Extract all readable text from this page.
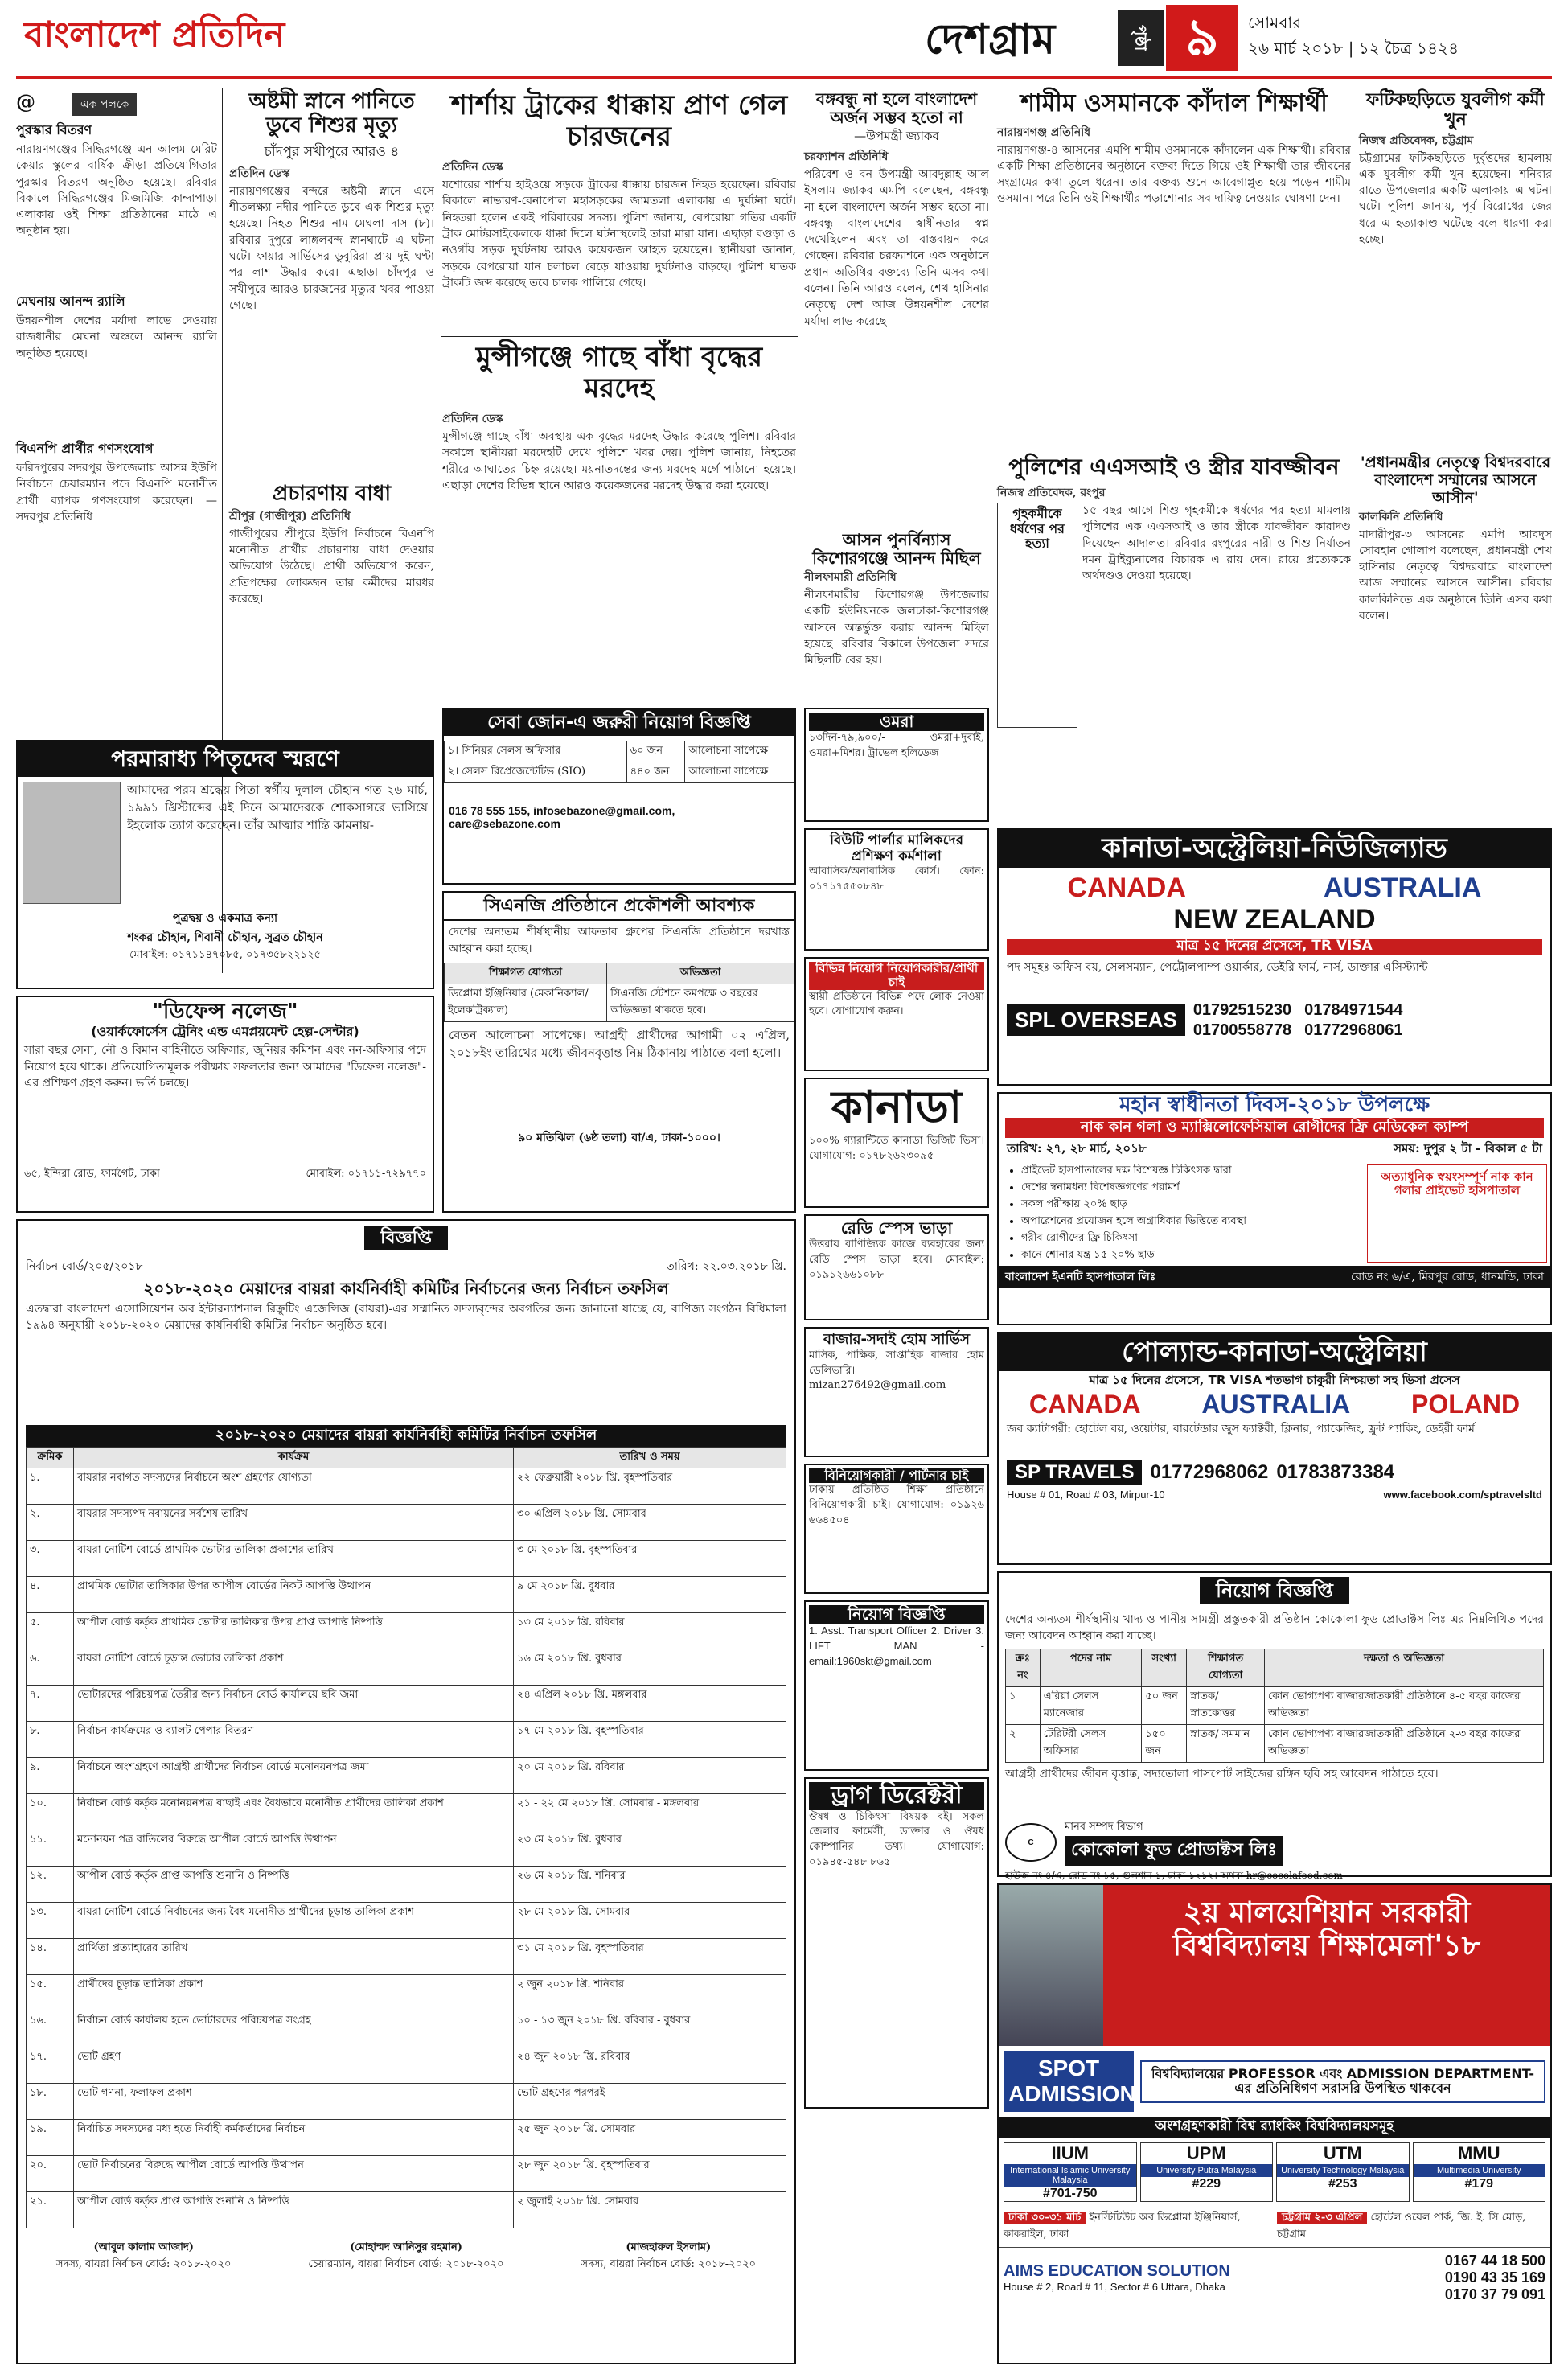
বাংলাদেশ প্রতিদিন	দেশগ্রাম	পৃষ্ঠা ৯	সোমবার
২৬ মার্চ ২০১৮ | ১২ চৈত্র ১৪২৪
@	এক পলকে
পুরস্কার বিতরণ
নারায়ণগঞ্জের সিদ্ধিরগঞ্জে এন আলম মেরিট কেয়ার স্কুলের বার্ষিক ক্রীড়া প্রতিযোগিতার পুরস্কার বিতরণ অনুষ্ঠিত হয়েছে। রবিবার বিকালে সিদ্ধিরগঞ্জের মিজমিজি কান্দাপাড়া এলাকায় ওই শিক্ষা প্রতিষ্ঠানের মাঠে এ অনুষ্ঠান হয়।
মেঘনায় আনন্দ র‌্যালি
উন্নয়নশীল দেশের মর্যাদা লাভে দেওয়ায় রাজধানীর মেঘনা অঞ্চলে আনন্দ র‌্যালি অনুষ্ঠিত হয়েছে।
বিএনপি প্রার্থীর গণসংযোগ
ফরিদপুরের সদরপুর উপজেলায় আসন্ন ইউপি নির্বাচনে চেয়ারম্যান পদে বিএনপি মনোনীত প্রার্থী ব্যাপক গণসংযোগ করেছেন। — সদরপুর প্রতিনিধি
অষ্টমী স্নানে পানিতে ডুবে শিশুর মৃত্যু
চাঁদপুর সখীপুরে আরও ৪
প্রতিদিন ডেস্ক
নারায়ণগঞ্জের বন্দরে অষ্টমী স্নানে এসে শীতলক্ষ্যা নদীর পানিতে ডুবে এক শিশুর মৃত্যু হয়েছে। নিহত শিশুর নাম মেঘলা দাস (৮)। রবিবার দুপুরে লাঙ্গলবন্দ স্নানঘাটে এ ঘটনা ঘটে। ফায়ার সার্ভিসের ডুবুরিরা প্রায় দুই ঘণ্টা পর লাশ উদ্ধার করে। এছাড়া চাঁদপুর ও সখীপুরে আরও চারজনের মৃত্যুর খবর পাওয়া গেছে।
প্রচারণায় বাধা
শ্রীপুর (গাজীপুর) প্রতিনিধি
গাজীপুরের শ্রীপুরে ইউপি নির্বাচনে বিএনপি মনোনীত প্রার্থীর প্রচারণায় বাধা দেওয়ার অভিযোগ উঠেছে। প্রার্থী অভিযোগ করেন, প্রতিপক্ষের লোকজন তার কর্মীদের মারধর করেছে।
শার্শায় ট্রাকের ধাক্কায় প্রাণ গেল চারজনের
প্রতিদিন ডেস্ক
যশোরের শার্শায় হাইওয়ে সড়কে ট্রাকের ধাক্কায় চারজন নিহত হয়েছেন। রবিবার বিকালে নাভারণ-বেনাপোল মহাসড়কের জামতলা এলাকায় এ দুর্ঘটনা ঘটে। নিহতরা হলেন একই পরিবারের সদস্য। পুলিশ জানায়, বেপরোয়া গতির একটি ট্রাক মোটরসাইকেলকে ধাক্কা দিলে ঘটনাস্থলেই তারা মারা যান। এছাড়া বগুড়া ও নওগাঁয় সড়ক দুর্ঘটনায় আরও কয়েকজন আহত হয়েছেন। স্থানীয়রা জানান, সড়কে বেপরোয়া যান চলাচল বেড়ে যাওয়ায় দুর্ঘটনাও বাড়ছে। পুলিশ ঘাতক ট্রাকটি জব্দ করেছে তবে চালক পালিয়ে গেছে।
মুন্সীগঞ্জে গাছে বাঁধা বৃদ্ধের মরদেহ
প্রতিদিন ডেস্ক
মুন্সীগঞ্জে গাছে বাঁধা অবস্থায় এক বৃদ্ধের মরদেহ উদ্ধার করেছে পুলিশ। রবিবার সকালে স্থানীয়রা মরদেহটি দেখে পুলিশে খবর দেয়। পুলিশ জানায়, নিহতের শরীরে আঘাতের চিহ্ন রয়েছে। ময়নাতদন্তের জন্য মরদেহ মর্গে পাঠানো হয়েছে। এছাড়া দেশের বিভিন্ন স্থানে আরও কয়েকজনের মরদেহ উদ্ধার করা হয়েছে।
বঙ্গবন্ধু না হলে বাংলাদেশ অর্জন সম্ভব হতো না
—উপমন্ত্রী জ্যাকব
চরফ্যাশন প্রতিনিধি
পরিবেশ ও বন উপমন্ত্রী আবদুল্লাহ আল ইসলাম জ্যাকব এমপি বলেছেন, বঙ্গবন্ধু না হলে বাংলাদেশ অর্জন সম্ভব হতো না। বঙ্গবন্ধু বাংলাদেশের স্বাধীনতার স্বপ্ন দেখেছিলেন এবং তা বাস্তবায়ন করে গেছেন। রবিবার চরফ্যাশনে এক অনুষ্ঠানে প্রধান অতিথির বক্তব্যে তিনি এসব কথা বলেন। তিনি আরও বলেন, শেখ হাসিনার নেতৃত্বে দেশ আজ উন্নয়নশীল দেশের মর্যাদা লাভ করেছে।
আসন পুনর্বিন্যাস কিশোরগঞ্জে আনন্দ মিছিল
নীলফামারী প্রতিনিধি
নীলফামারীর কিশোরগঞ্জ উপজেলার একটি ইউনিয়নকে জলঢাকা-কিশোরগঞ্জ আসনে অন্তর্ভুক্ত করায় আনন্দ মিছিল হয়েছে। রবিবার বিকালে উপজেলা সদরে মিছিলটি বের হয়।
শামীম ওসমানকে কাঁদাল শিক্ষার্থী
নারায়ণগঞ্জ প্রতিনিধি
নারায়ণগঞ্জ-৪ আসনের এমপি শামীম ওসমানকে কাঁদালেন এক শিক্ষার্থী। রবিবার একটি শিক্ষা প্রতিষ্ঠানের অনুষ্ঠানে বক্তব্য দিতে গিয়ে ওই শিক্ষার্থী তার জীবনের সংগ্রামের কথা তুলে ধরেন। তার বক্তব্য শুনে আবেগাপ্লুত হয়ে পড়েন শামীম ওসমান। পরে তিনি ওই শিক্ষার্থীর পড়াশোনার সব দায়িত্ব নেওয়ার ঘোষণা দেন।
ফটিকছড়িতে যুবলীগ কর্মী খুন
নিজস্ব প্রতিবেদক, চট্টগ্রাম
চট্টগ্রামের ফটিকছড়িতে দুর্বৃত্তদের হামলায় এক যুবলীগ কর্মী খুন হয়েছেন। শনিবার রাতে উপজেলার একটি এলাকায় এ ঘটনা ঘটে। পুলিশ জানায়, পূর্ব বিরোধের জের ধরে এ হত্যাকাণ্ড ঘটেছে বলে ধারণা করা হচ্ছে।
পুলিশের এএসআই ও স্ত্রীর যাবজ্জীবন
নিজস্ব প্রতিবেদক, রংপুর
গৃহকর্মীকে ধর্ষণের পর হত্যা
১৫ বছর আগে শিশু গৃহকর্মীকে ধর্ষণের পর হত্যা মামলায় পুলিশের এক এএসআই ও তার স্ত্রীকে যাবজ্জীবন কারাদণ্ড দিয়েছেন আদালত। রবিবার রংপুরের নারী ও শিশু নির্যাতন দমন ট্রাইব্যুনালের বিচারক এ রায় দেন। রায়ে প্রত্যেককে অর্থদণ্ডও দেওয়া হয়েছে।
'প্রধানমন্ত্রীর নেতৃত্বে বিশ্বদরবারে বাংলাদেশ সম্মানের আসনে আসীন'
কালকিনি প্রতিনিধি
মাদারীপুর-৩ আসনের এমপি আবদুস সোবহান গোলাপ বলেছেন, প্রধানমন্ত্রী শেখ হাসিনার নেতৃত্বে বিশ্বদরবারে বাংলাদেশ আজ সম্মানের আসনে আসীন। রবিবার কালকিনিতে এক অনুষ্ঠানে তিনি এসব কথা বলেন।
পরমারাধ্য পিতৃদেব স্মরণে
আমাদের পরম শ্রদ্ধেয় পিতা স্বর্গীয় দুলাল চৌহান গত ২৬ মার্চ, ১৯৯১ খ্রিস্টাব্দের এই দিনে আমাদেরকে শোকসাগরে ভাসিয়ে ইহলোক ত্যাগ করেছেন। তাঁর আত্মার শান্তি কামনায়-
পুত্রদ্বয় ও একমাত্র কন্যা
শংকর চৌহান, শিবানী চৌহান, সুব্রত চৌহান
মোবাইল: ০১৭১১৪৭০৮৫, ০১৭৩৫৮২২১২৫
"ডিফেন্স নলেজ"
(ওয়ার্কফোর্সেস ট্রেনিং এন্ড এমপ্লয়মেন্ট হেল্প-সেন্টার)
সারা বছর সেনা, নৌ ও বিমান বাহিনীতে অফিসার, জুনিয়র কমিশন এবং নন-অফিসার পদে নিয়োগ হয়ে থাকে। প্রতিযোগিতামূলক পরীক্ষায় সফলতার জন্য আমাদের "ডিফেন্স নলেজ"-এর প্রশিক্ষণ গ্রহণ করুন। ভর্তি চলছে।
৬৫, ইন্দিরা রোড, ফার্মগেট, ঢাকা	মোবাইল: ০১৭১১-৭২৯৭৭০
সেবা জোন-এ জরুরী নিয়োগ বিজ্ঞপ্তি
১। সিনিয়র সেলস অফিসার	৬০ জন	আলোচনা সাপেক্ষে
২। সেলস রিপ্রেজেন্টেটিভ (SIO)	৪৪০ জন	আলোচনা সাপেক্ষে
016 78 555 155, infosebazone@gmail.com, care@sebazone.com
সিএনজি প্রতিষ্ঠানে প্রকৌশলী আবশ্যক
দেশের অন্যতম শীর্ষস্থানীয় আফতাব গ্রুপের সিএনজি প্রতিষ্ঠানে দরখাস্ত আহ্বান করা হচ্ছে।
শিক্ষাগত যোগ্যতা	অভিজ্ঞতা
ডিপ্লোমা ইঞ্জিনিয়ার (মেকানিক্যাল/ইলেকট্রিক্যাল)	সিএনজি স্টেশনে কমপক্ষে ৩ বছরের অভিজ্ঞতা থাকতে হবে।
বেতন আলোচনা সাপেক্ষে। আগ্রহী প্রার্থীদের আগামী ০২ এপ্রিল, ২০১৮ইং তারিখের মধ্যে জীবনবৃত্তান্ত নিম্ন ঠিকানায় পাঠাতে বলা হলো।
৯০ মতিঝিল (৬ষ্ঠ তলা) বা/এ, ঢাকা-১০০০।
ওমরা
১৩দিন-৭৯,৯০০/- ওমরা+দুবাই, ওমরা+মিশর। ট্রাভেল হলিডেজ
বিউটি পার্লার মালিকদের প্রশিক্ষণ কর্মশালা
আবাসিক/অনাবাসিক কোর্স। ফোন: ০১৭১৭৫৫০৮৪৮
বিভিন্ন নিয়োগ নিয়োগকারীর/প্রার্থী চাই
স্থায়ী প্রতিষ্ঠানে বিভিন্ন পদে লোক নেওয়া হবে। যোগাযোগ করুন।
কানাডা
১০০% গ্যারান্টিতে কানাডা ভিজিট ভিসা। যোগাযোগ: ০১৭৮২৬২৩০৯৫
রেডি স্পেস ভাড়া
উত্তরায় বাণিজ্যিক কাজে ব্যবহারের জন্য রেডি স্পেস ভাড়া হবে। মোবাইল: ০১৯১২৬৬১০৮৮
বাজার-সদাই হোম সার্ভিস
মাসিক, পাক্ষিক, সাপ্তাহিক বাজার হোম ডেলিভারি। mizan276492@gmail.com
বিনিয়োগকারী / পার্টনার চাই
ঢাকায় প্রতিষ্ঠিত শিক্ষা প্রতিষ্ঠানে বিনিয়োগকারী চাই। যোগাযোগ: ০১৯২৬ ৬৬৪৫০৪
নিয়োগ বিজ্ঞপ্তি
1. Asst. Transport Officer 2. Driver 3. LIFT MAN - email:1960skt@gmail.com
ড্রাগ ডিরেক্টরী
ঔষধ ও চিকিৎসা বিষয়ক বই। সকল জেলার ফার্মেসী, ডাক্তার ও ঔষধ কোম্পানির তথ্য। যোগাযোগ: ০১৯৪৫-৫৪৮ ৮৬৫
বিজ্ঞপ্তি
নির্বাচন বোর্ড/২০৫/২০১৮	তারিখ: ২২.০৩.২০১৮ খ্রি.
২০১৮-২০২০ মেয়াদের বায়রা কার্যনির্বাহী কমিটির নির্বাচনের জন্য নির্বাচন তফসিল
এতদ্বারা বাংলাদেশ এসোসিয়েশন অব ইন্টারন্যাশনাল রিক্রুটিং এজেন্সিজ (বায়রা)-এর সম্মানিত সদস্যবৃন্দের অবগতির জন্য জানানো যাচ্ছে যে, বাণিজ্য সংগঠন বিধিমালা ১৯৯৪ অনুযায়ী ২০১৮-২০২০ মেয়াদের কার্যনির্বাহী কমিটির নির্বাচন অনুষ্ঠিত হবে।
২০১৮-২০২০ মেয়াদের বায়রা কার্যনির্বাহী কমিটির নির্বাচন তফসিল
ক্রমিক	কার্যক্রম	তারিখ ও সময়
১.	বায়রার নবাগত সদস্যদের নির্বাচনে অংশ গ্রহণের যোগ্যতা	২২ ফেব্রুয়ারী ২০১৮ খ্রি. বৃহস্পতিবার
২.	বায়রার সদস্যপদ নবায়নের সর্বশেষ তারিখ	৩০ এপ্রিল ২০১৮ খ্রি. সোমবার
৩.	বায়রা নোটিশ বোর্ডে প্রাথমিক ভোটার তালিকা প্রকাশের তারিখ	৩ মে ২০১৮ খ্রি. বৃহস্পতিবার
৪.	প্রাথমিক ভোটার তালিকার উপর আপীল বোর্ডের নিকট আপত্তি উত্থাপন	৯ মে ২০১৮ খ্রি. বুধবার
৫.	আপীল বোর্ড কর্তৃক প্রাথমিক ভোটার তালিকার উপর প্রাপ্ত আপত্তি নিষ্পত্তি	১৩ মে ২০১৮ খ্রি. রবিবার
৬.	বায়রা নোটিশ বোর্ডে চূড়ান্ত ভোটার তালিকা প্রকাশ	১৬ মে ২০১৮ খ্রি. বুধবার
৭.	ভোটারদের পরিচয়পত্র তৈরীর জন্য নির্বাচন বোর্ড কার্যালয়ে ছবি জমা	২৪ এপ্রিল ২০১৮ খ্রি. মঙ্গলবার
৮.	নির্বাচন কার্যক্রমের ও ব্যালট পেপার বিতরণ	১৭ মে ২০১৮ খ্রি. বৃহস্পতিবার
৯.	নির্বাচনে অংশগ্রহণে আগ্রহী প্রার্থীদের নির্বাচন বোর্ডে মনোনয়নপত্র জমা	২০ মে ২০১৮ খ্রি. রবিবার
১০.	নির্বাচন বোর্ড কর্তৃক মনোনয়নপত্র বাছাই এবং বৈধভাবে মনোনীত প্রার্থীদের তালিকা প্রকাশ	২১ - ২২ মে ২০১৮ খ্রি. সোমবার - মঙ্গলবার
১১.	মনোনয়ন পত্র বাতিলের বিরুদ্ধে আপীল বোর্ডে আপত্তি উত্থাপন	২৩ মে ২০১৮ খ্রি. বুধবার
১২.	আপীল বোর্ড কর্তৃক প্রাপ্ত আপত্তি শুনানি ও নিষ্পত্তি	২৬ মে ২০১৮ খ্রি. শনিবার
১৩.	বায়রা নোটিশ বোর্ডে নির্বাচনের জন্য বৈধ মনোনীত প্রার্থীদের চূড়ান্ত তালিকা প্রকাশ	২৮ মে ২০১৮ খ্রি. সোমবার
১৪.	প্রার্থিতা প্রত্যাহারের তারিখ	৩১ মে ২০১৮ খ্রি. বৃহস্পতিবার
১৫.	প্রার্থীদের চূড়ান্ত তালিকা প্রকাশ	২ জুন ২০১৮ খ্রি. শনিবার
১৬.	নির্বাচন বোর্ড কার্যালয় হতে ভোটারদের পরিচয়পত্র সংগ্রহ	১০ - ১৩ জুন ২০১৮ খ্রি. রবিবার - বুধবার
১৭.	ভোট গ্রহণ	২৪ জুন ২০১৮ খ্রি. রবিবার
১৮.	ভোট গণনা, ফলাফল প্রকাশ	ভোট গ্রহণের পরপরই
১৯.	নির্বাচিত সদস্যদের মধ্য হতে নির্বাহী কর্মকর্তাদের নির্বাচন	২৫ জুন ২০১৮ খ্রি. সোমবার
২০.	ভোট নির্বাচনের বিরুদ্ধে আপীল বোর্ডে আপত্তি উত্থাপন	২৮ জুন ২০১৮ খ্রি. বৃহস্পতিবার
২১.	আপীল বোর্ড কর্তৃক প্রাপ্ত আপত্তি শুনানি ও নিষ্পত্তি	২ জুলাই ২০১৮ খ্রি. সোমবার
(আবুল কালাম আজাদ)
সদস্য, বায়রা নির্বাচন বোর্ড: ২০১৮-২০২০
(মোহাম্মদ আনিসুর রহমান)
চেয়ারম্যান, বায়রা নির্বাচন বোর্ড: ২০১৮-২০২০
(মাজহারুল ইসলাম)
সদস্য, বায়রা নির্বাচন বোর্ড: ২০১৮-২০২০
কানাডা-অস্ট্রেলিয়া-নিউজিল্যান্ড
CANADA	AUSTRALIA
NEW ZEALAND
মাত্র ১৫ দিনের প্রসেসে, TR VISA
পদ সমূহঃ অফিস বয়, সেলসম্যান, পেট্রোলপাম্প ওয়ার্কার, ডেইরি ফার্ম, নার্স, ডাক্তার এসিস্ট্যান্ট
SPL OVERSEAS	01792515230 01784971544
01700558778 01772968061
মহান স্বাধীনতা দিবস-২০১৮ উপলক্ষে
নাক কান গলা ও ম্যাক্সিলোফেসিয়াল রোগীদের ফ্রি মেডিকেল ক্যাম্প
তারিখ: ২৭, ২৮ মার্চ, ২০১৮	সময়: দুপুর ২ টা - বিকাল ৫ টা
• প্রাইভেট হাসপাতালের দক্ষ বিশেষজ্ঞ চিকিৎসক দ্বারা
• দেশের স্বনামধন্য বিশেষজ্ঞগণের পরামর্শ
• সকল পরীক্ষায় ২০% ছাড়
• অপারেশনের প্রয়োজন হলে অগ্রাধিকার ভিত্তিতে ব্যবস্থা
• গরীব রোগীদের ফ্রি চিকিৎসা
• কানে শোনার যন্ত্র ১৫-২০% ছাড়
অত্যাধুনিক স্বয়ংসম্পূর্ণ নাক কান গলার প্রাইভেট হাসপাতাল
বাংলাদেশ ইএনটি হাসপাতাল লিঃ	রোড নং ৬/এ, মিরপুর রোড, ধানমন্ডি, ঢাকা
পোল্যান্ড-কানাডা-অস্ট্রেলিয়া
মাত্র ১৫ দিনের প্রসেসে, TR VISA শতভাগ চাকুরী নিশ্চয়তা সহ ভিসা প্রসেস
CANADA AUSTRALIA POLAND
জব ক্যাটাগরী: হোটেল বয়, ওয়েটার, বারটেন্ডার জুস ফ্যাক্টরী, ক্লিনার, প্যাকেজিং, ফ্রুট প্যাকিং, ডেইরী ফার্ম
SP TRAVELS 01772968062 01783873384
House # 01, Road # 03, Mirpur-10	www.facebook.com/sptravelsltd
নিয়োগ বিজ্ঞপ্তি
দেশের অন্যতম শীর্ষস্থানীয় খাদ্য ও পানীয় সামগ্রী প্রস্তুতকারী প্রতিষ্ঠান কোকোলা ফুড প্রোডাক্টস লিঃ এর নিম্নলিখিত পদের জন্য আবেদন আহ্বান করা যাচ্ছে।
ক্রঃ নং	পদের নাম	সংখ্যা	শিক্ষাগত যোগ্যতা	দক্ষতা ও অভিজ্ঞতা
১	এরিয়া সেলস ম্যানেজার	৫০ জন	স্নাতক/স্নাতকোত্তর	কোন ভোগ্যপণ্য বাজারজাতকারী প্রতিষ্ঠানে ৪-৫ বছর কাজের অভিজ্ঞতা
২	টেরিটরী সেলস অফিসার	১৫০ জন	স্নাতক/ সমমান	কোন ভোগ্যপণ্য বাজারজাতকারী প্রতিষ্ঠানে ২-৩ বছর কাজের অভিজ্ঞতা
আগ্রহী প্রার্থীদের জীবন বৃত্তান্ত, সদ্যতোলা পাসপোর্ট সাইজের রঙ্গিন ছবি সহ আবেদন পাঠাতে হবে।
C
মানব সম্পদ বিভাগ
কোকোলা ফুড প্রোডাক্টস লিঃ
হাউজ নং ৪/এ, রোড নং ১৫, গুলশান-১, ঢাকা-১২১২। অথবা hr@cocolafood.com
২য় মালয়েশিয়ান সরকারী বিশ্ববিদ্যালয় শিক্ষামেলা'১৮
SPOT ADMISSION
বিশ্ববিদ্যালয়ের PROFESSOR এবং ADMISSION DEPARTMENT-এর প্রতিনিধিগণ সরাসরি উপস্থিত থাকবেন
অংশগ্রহণকারী বিশ্ব র‌্যাংকিং বিশ্ববিদ্যালয়সমূহ
IIUM
International Islamic University Malaysia
#701-750
UPM
University Putra Malaysia
#229
UTM
University Technology Malaysia
#253
MMU
Multimedia University
#179
ঢাকা ৩০-৩১ মার্চ ইনস্টিটিউট অব ডিপ্লোমা ইঞ্জিনিয়ার্স, কাকরাইল, ঢাকা
চট্টগ্রাম ২-৩ এপ্রিল হোটেল ওয়েল পার্ক, জি. ই. সি মোড়, চট্টগ্রাম
AIMS EDUCATION SOLUTION
House # 2, Road # 11, Sector # 6 Uttara, Dhaka
0167 44 18 500
0190 43 35 169
0170 37 79 091
